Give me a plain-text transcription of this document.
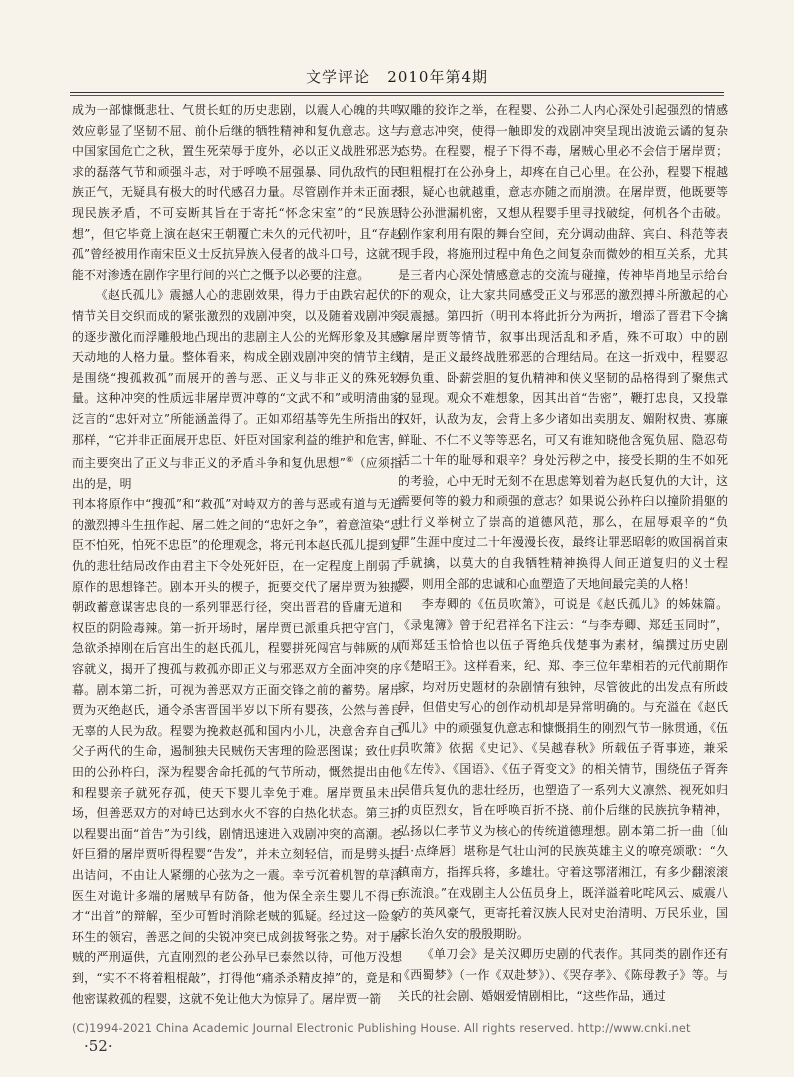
文学评论 2010年第4期

成为一部慷慨悲壮、气贯长虹的历史悲剧，以震人心魄的共鸣效应彰显了坚韧不屈、前仆后继的牺牲精神和复仇意志。这与中国家国危亡之秋，置生死荣辱于度外，必以正义战胜邪恶为求的磊落气节和顽强斗志，对于呼唤不屈强暴、同仇敌忾的民族正气，无疑具有极大的时代感召力量。尽管剧作并未正面表现民族矛盾，不可妄断其旨在于寄托“怀念宋室”的“民族思想”，但它毕竟上演在赵宋王朝覆亡未久的元代初叶，且“存赵孤”曾经被用作南宋臣义士反抗异族入侵者的战斗口号，这就不能不对渗透在剧作字里行间的兴亡之慨予以必要的注意。

《赵氏孤儿》震撼人心的悲剧效果，得力于由跌宕起伏的情节关目交织而成的紧张激烈的戏剧冲突，以及随着戏剧冲突的逐步激化而浮雕般地凸现出的悲剧主人公的光辉形象及其感天动地的人格力量。整体看来，构成全剧戏剧冲突的情节主线是围绕“搜孤救孤”而展开的善与恶、正义与非正义的殊死较量。这种冲突的性质远非屠岸贾冲尊的“文武不和”或明清曲家泛言的“忠奸对立”所能涵盖得了。正如邓绍基等先生所指出的那样，“它并非正面展开忠臣、奸臣对国家利益的维护和危害，而主要突出了正义与非正义的矛盾斗争和复仇思想”⑥（应须指出的是，明

刊本将原作中“搜孤”和“救孤”对峙双方的善与恶或有道与无道的激烈搏斗生扭作起、屠二姓之间的“忠奸之争”，着意渲染“忠臣不怕死，怕死不忠臣”的伦理观念，将元刊本赵氏孤儿提到复仇的悲壮结局改作由君主下令处死奸臣，在一定程度上削弱了原作的思想锋芒。剧本开头的楔子，扼要交代了屠岸贾为独揽朝政蓄意谋害忠良的一系列罪恶行径，突出晋君的昏庸无道和权臣的阴险毒辣。第一折开场时，屠岸贾已派重兵把守宫门，急欲杀掉刚在后宫出生的赵氏孤儿，程婴拼死闯宫与韩厥的从容就义，揭开了搜孤与救孤亦即正义与邪恶双方全面冲突的序幕。剧本第二折，可视为善恶双方正面交锋之前的蓄势。屠岸贾为灭绝赵氏，通令杀害晋国半岁以下所有婴孩，公然与善良无辜的人民为敌。程婴为挽救赵孤和国内小儿，决意舍弃自己父子两代的生命，遏制独夫民贼伤天害理的险恶图谋；致仕归田的公孙杵臼，深为程婴舍命托孤的气节所动，慨然提出由他和程婴亲子就死存孤，使天下婴儿幸免于难。屠岸贾虽未出场，但善恶双方的对峙已达到水火不容的白热化状态。第三折以程婴出面“首告”为引线，剧情迅速进入戏剧冲突的高潮。老奸巨猾的屠岸贾听得程婴“告发”，并未立刻轻信，而是劈头提出诘问，不由让人紧绷的心弦为之一震。幸亏沉着机智的草泽医生对诡计多端的屠贼早有防备，他为保全亲生婴儿不得已才“出首”的辩解，至少可暂时消除老贼的狐疑。经过这一险象环生的领宕，善恶之间的尖锐冲突已成剑拔弩张之势。对于屠贼的严刑逼供，亢直刚烈的老公孙早已泰然以待，可他万没想到，“实不不将着粗棍敲”，打得他“痛杀杀精皮掉”的，竟是和他密谋救孤的程婴，这就不免让他大为惊异了。屠岸贾一箭

双雕的狡诈之举，在程婴、公孙二人内心深处引起强烈的情感与意志冲突，使得一触即发的戏剧冲突呈现出波诡云谲的复杂态势。在程婴，棍子下得不毒，屠贼心里必不会信于屠岸贾；但粗棍打在公孙身上，却疼在自己心里。在公孙，程婴下棍越狠，疑心也就越重，意志亦随之而崩溃。在屠岸贾，他既要等待公孙泄漏机密，又想从程婴手里寻找破绽，何机各个击破。剧作家利用有限的舞台空间，充分调动曲辞、宾白、科范等表现手段，将施刑过程中角色之间复杂而微妙的相互关系，尤其是三者内心深处情感意志的交流与碰撞，传神毕肖地呈示给台下的观众，让大家共同感受正义与邪恶的激烈搏斗所激起的心灵震撼。第四折（明刊本将此折分为两折，增添了晋君下令擒拿屠岸贾等情节，叙事出现活乱和矛盾，殊不可取）中的剧情，是正义最终战胜邪恶的合理结局。在这一折戏中，程婴忍辱负重、卧薪尝胆的复仇精神和侠义坚韧的品格得到了聚焦式的显现。观众不难想象，因其出首“告密”，鞭打忠良，又投靠权奸，认敌为友，会背上多少诸如出卖朋友、媚附权贵、寡廉鲜耻、不仁不义等等恶名，可又有谁知晓他含冤负屈、隐忍苟活二十年的耻辱和艰辛？身处污秽之中，接受长期的生不如死的考验，心中无时无刻不在思虑筹划着为赵氏复仇的大计，这需要何等的毅力和顽强的意志？如果说公孙杵臼以撞阶捐躯的壮行义举树立了崇高的道德风范，那么，在屈辱艰辛的“负罪”生涯中度过二十年漫漫长夜，最终让罪恶昭彰的败国祸首束手就擒，以莫大的自我牺牲精神换得人间正道复归的义士程婴，则用全部的忠诚和心血塑造了天地间最完美的人格！

李寿卿的《伍员吹箫》，可说是《赵氏孤儿》的姊妹篇。《录鬼簿》曾于纪君祥名下注云：“与李寿卿、郑廷玉同时”，而郑廷玉恰恰也以伍子胥绝兵伐楚事为素材，编撰过历史剧《楚昭王》。这样看来，纪、郑、李三位年辈相若的元代前期作家，均对历史题材的杂剧情有独钟，尽管彼此的出发点有所歧异，但借史写心的创作动机却是异常明确的。与充溢在《赵氏孤儿》中的顽强复仇意志和慷慨捐生的刚烈气节一脉贯通，《伍员吹箫》依据《史记》、《吴越春秋》所载伍子胥事迹，兼采《左传》、《国语》、《伍子胥变文》的相关情节，围绕伍子胥奔吴借兵复仇的悲壮经历，也塑造了一系列大义凛然、视死如归的贞臣烈女，旨在呼唤百折不挠、前仆后继的民族抗争精神，弘扬以仁孝节义为核心的传统道德理想。剧本第二折一曲〔仙吕·点绛唇〕堪称是气壮山河的民族英雄主义的嘹亮颂歌：“久镇南方，指挥兵将，多雄壮。守着这鄂渚湘江，有多少翻滚滚东流浪。”在戏剧主人公伍员身上，既洋溢着叱咤风云、威震八方的英风豪气，更寄托着汉族人民对史治清明、万民乐业，国家长治久安的殷殷期盼。

《单刀会》是关汉卿历史剧的代表作。其同类的剧作还有《西蜀梦》（一作《双赴梦》）、《哭存孝》、《陈母教子》等。与关氏的社会剧、婚姻爱情剧相比，“这些作品，通过

·52·
(C)1994-2021 China Academic Journal Electronic Publishing House. All rights reserved. http://www.cnki.net
